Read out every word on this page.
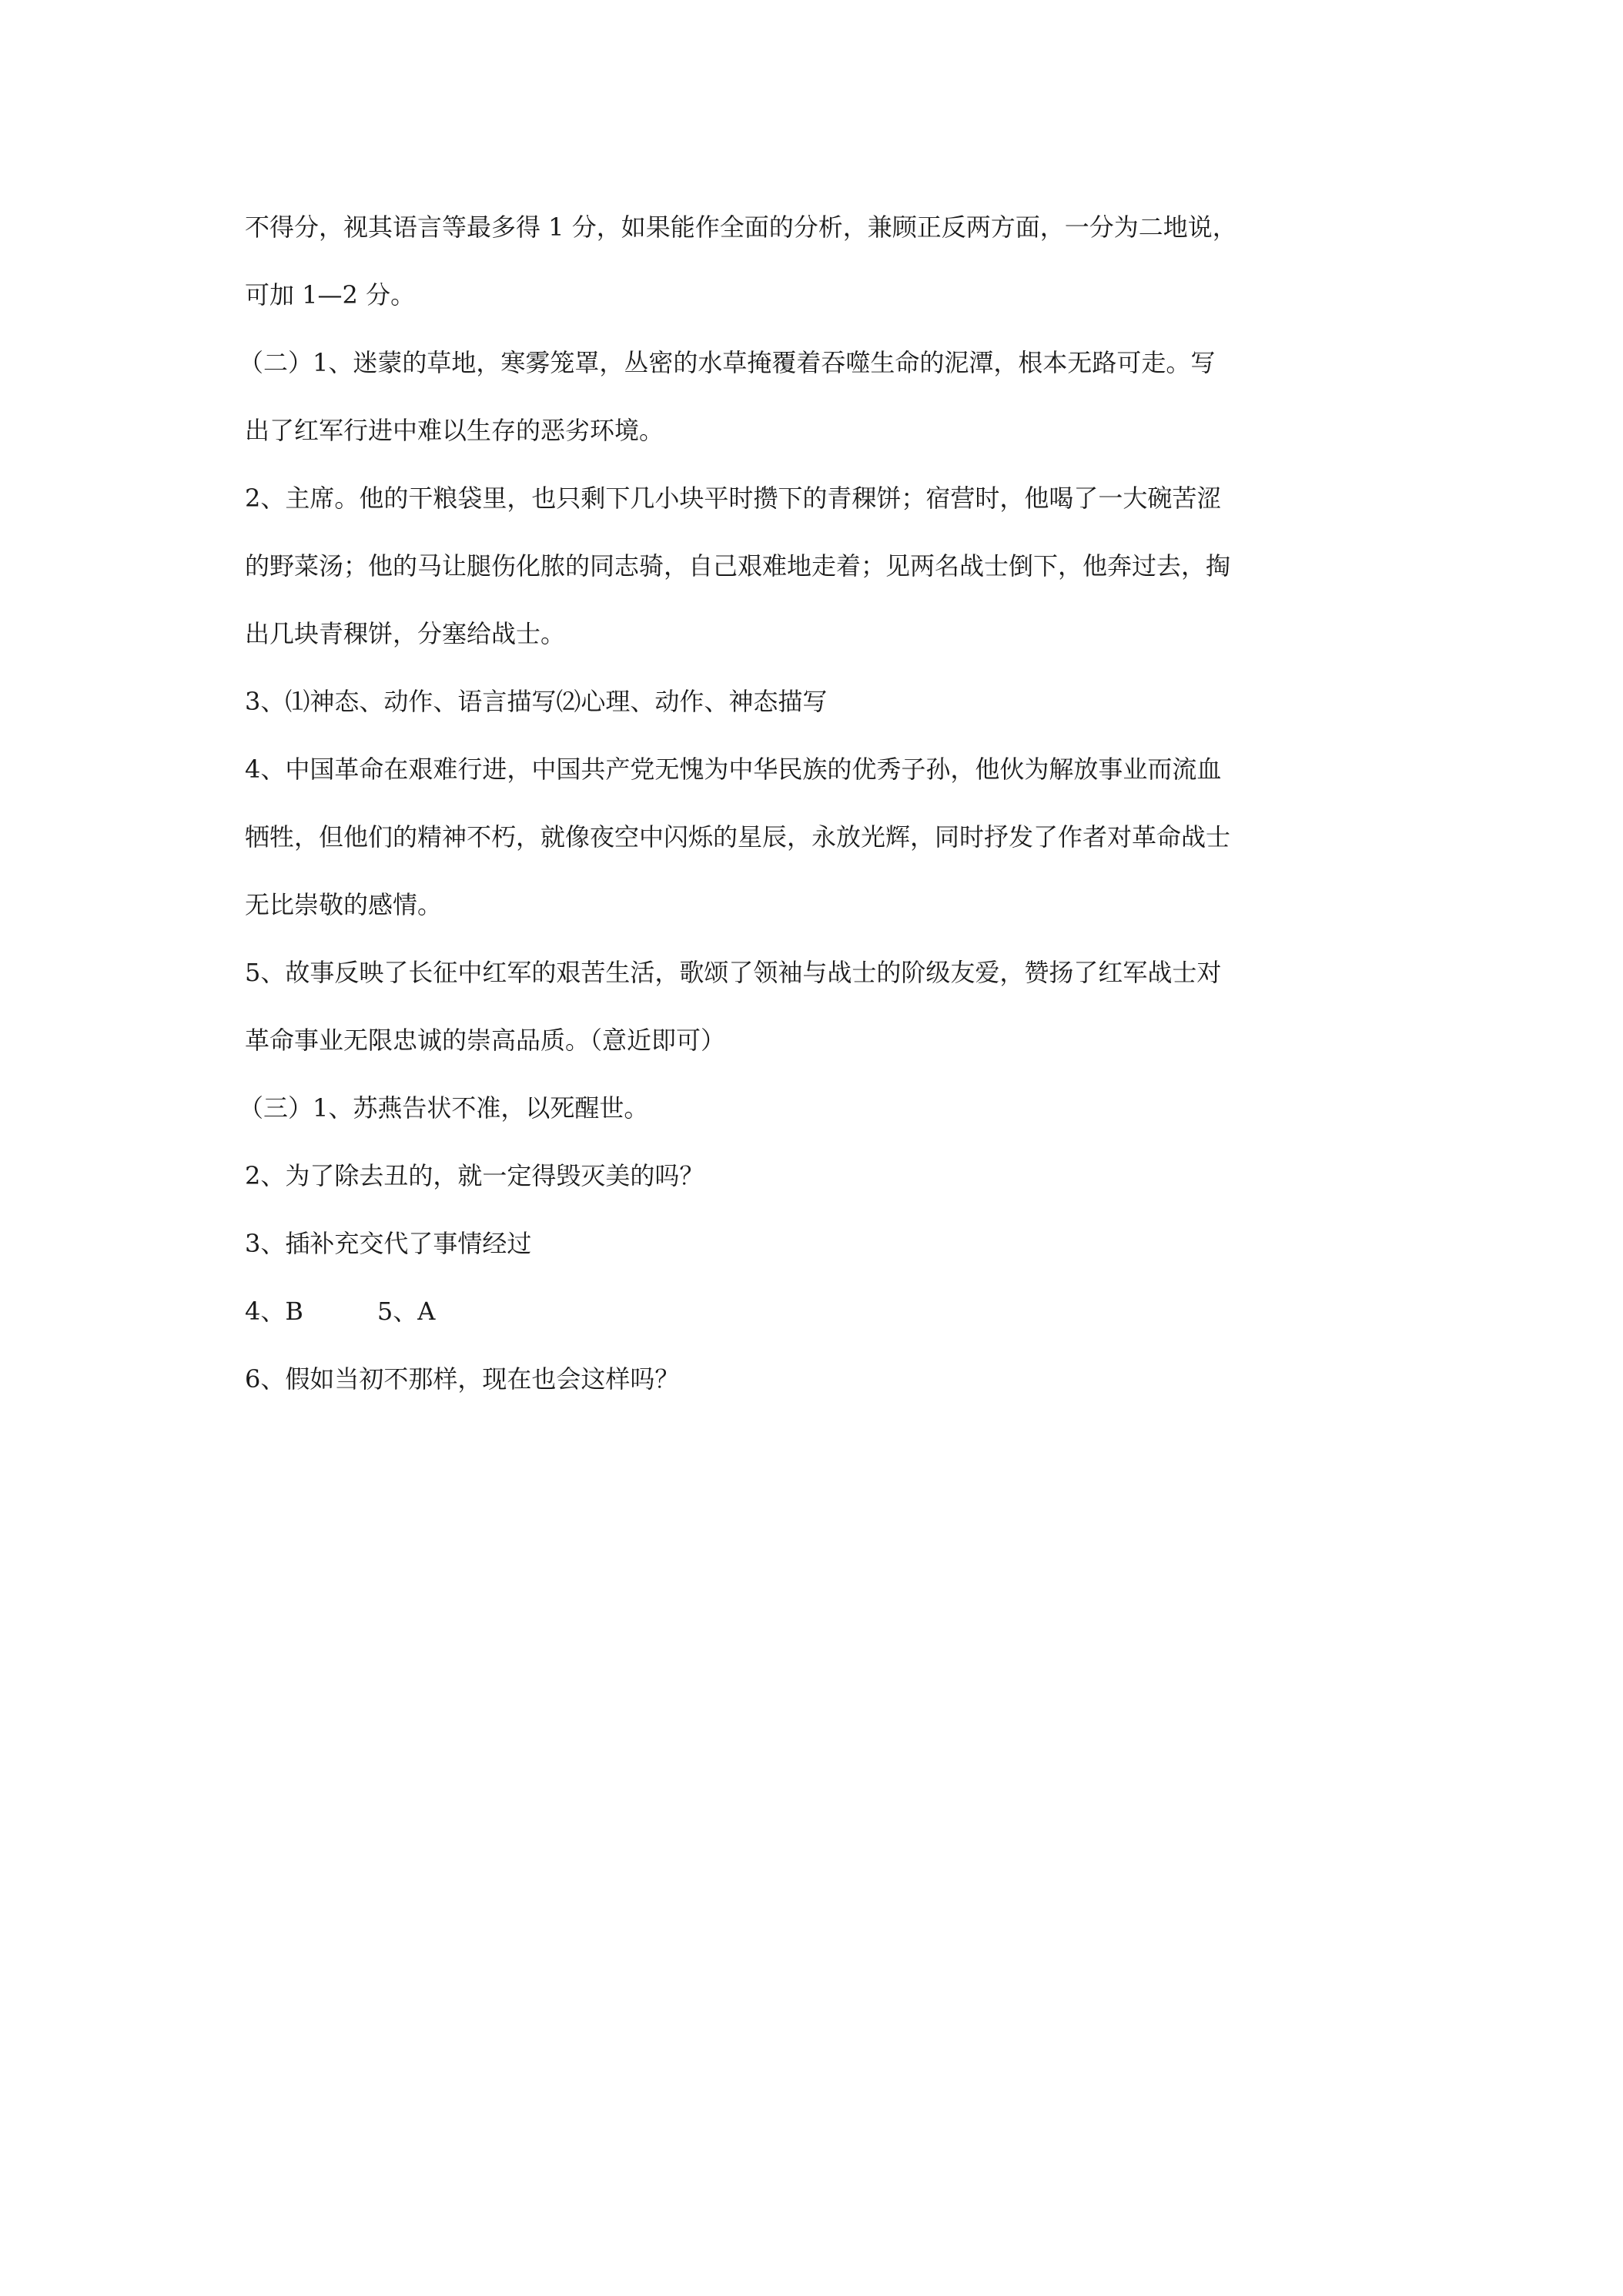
不得分，视其语言等最多得 1 分，如果能作全面的分析，兼顾正反两方面，一分为二地说，
可加 1—2 分。
（二）1、迷蒙的草地，寒雾笼罩，丛密的水草掩覆着吞噬生命的泥潭，根本无路可走。写
出了红军行进中难以生存的恶劣环境。
2、主席。他的干粮袋里，也只剩下几小块平时攒下的青稞饼；宿营时，他喝了一大碗苦涩
的野菜汤；他的马让腿伤化脓的同志骑，自己艰难地走着；见两名战士倒下，他奔过去，掏
出几块青稞饼，分塞给战士。
3、⑴神态、动作、语言描写⑵心理、动作、神态描写
4、中国革命在艰难行进，中国共产党无愧为中华民族的优秀子孙，他伙为解放事业而流血
牺牲，但他们的精神不朽，就像夜空中闪烁的星辰，永放光辉，同时抒发了作者对革命战士
无比崇敬的感情。
5、故事反映了长征中红军的艰苦生活，歌颂了领袖与战士的阶级友爱，赞扬了红军战士对
革命事业无限忠诚的崇高品质。（意近即可）
（三）1、苏燕告状不准，以死醒世。
2、为了除去丑的，就一定得毁灭美的吗？
3、插补充交代了事情经过
4、B　　　5、A
6、假如当初不那样，现在也会这样吗？
